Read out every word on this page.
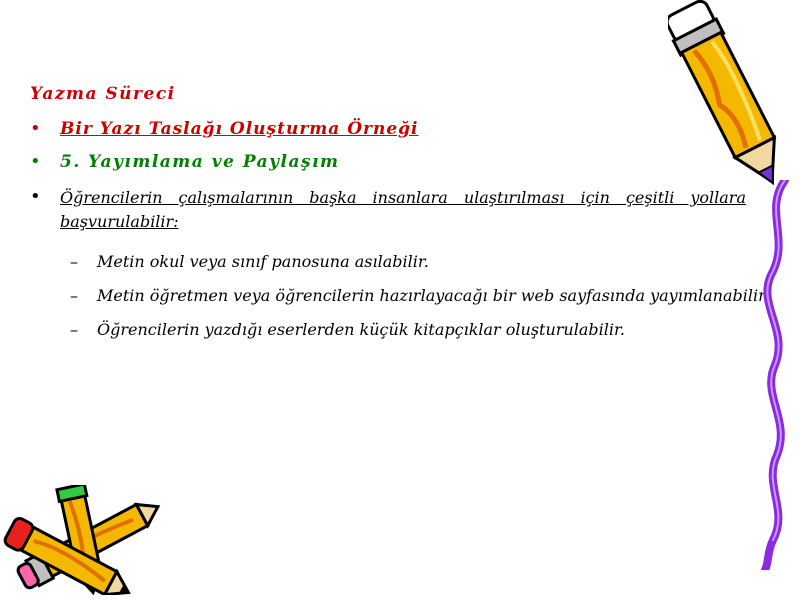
Yazma Süreci
•	Bir Yazı Taslağı Oluşturma Örneği
•	5. Yayımlama ve Paylaşım
•	Öğrencilerin çalışmalarının başka insanlara ulaştırılması için çeşitli yollara başvurulabilir:
–	Metin okul veya sınıf panosuna asılabilir.
–	Metin öğretmen veya öğrencilerin hazırlayacağı bir web sayfasında yayımlanabilir.
–	Öğrencilerin yazdığı eserlerden küçük kitapçıklar oluşturulabilir.
